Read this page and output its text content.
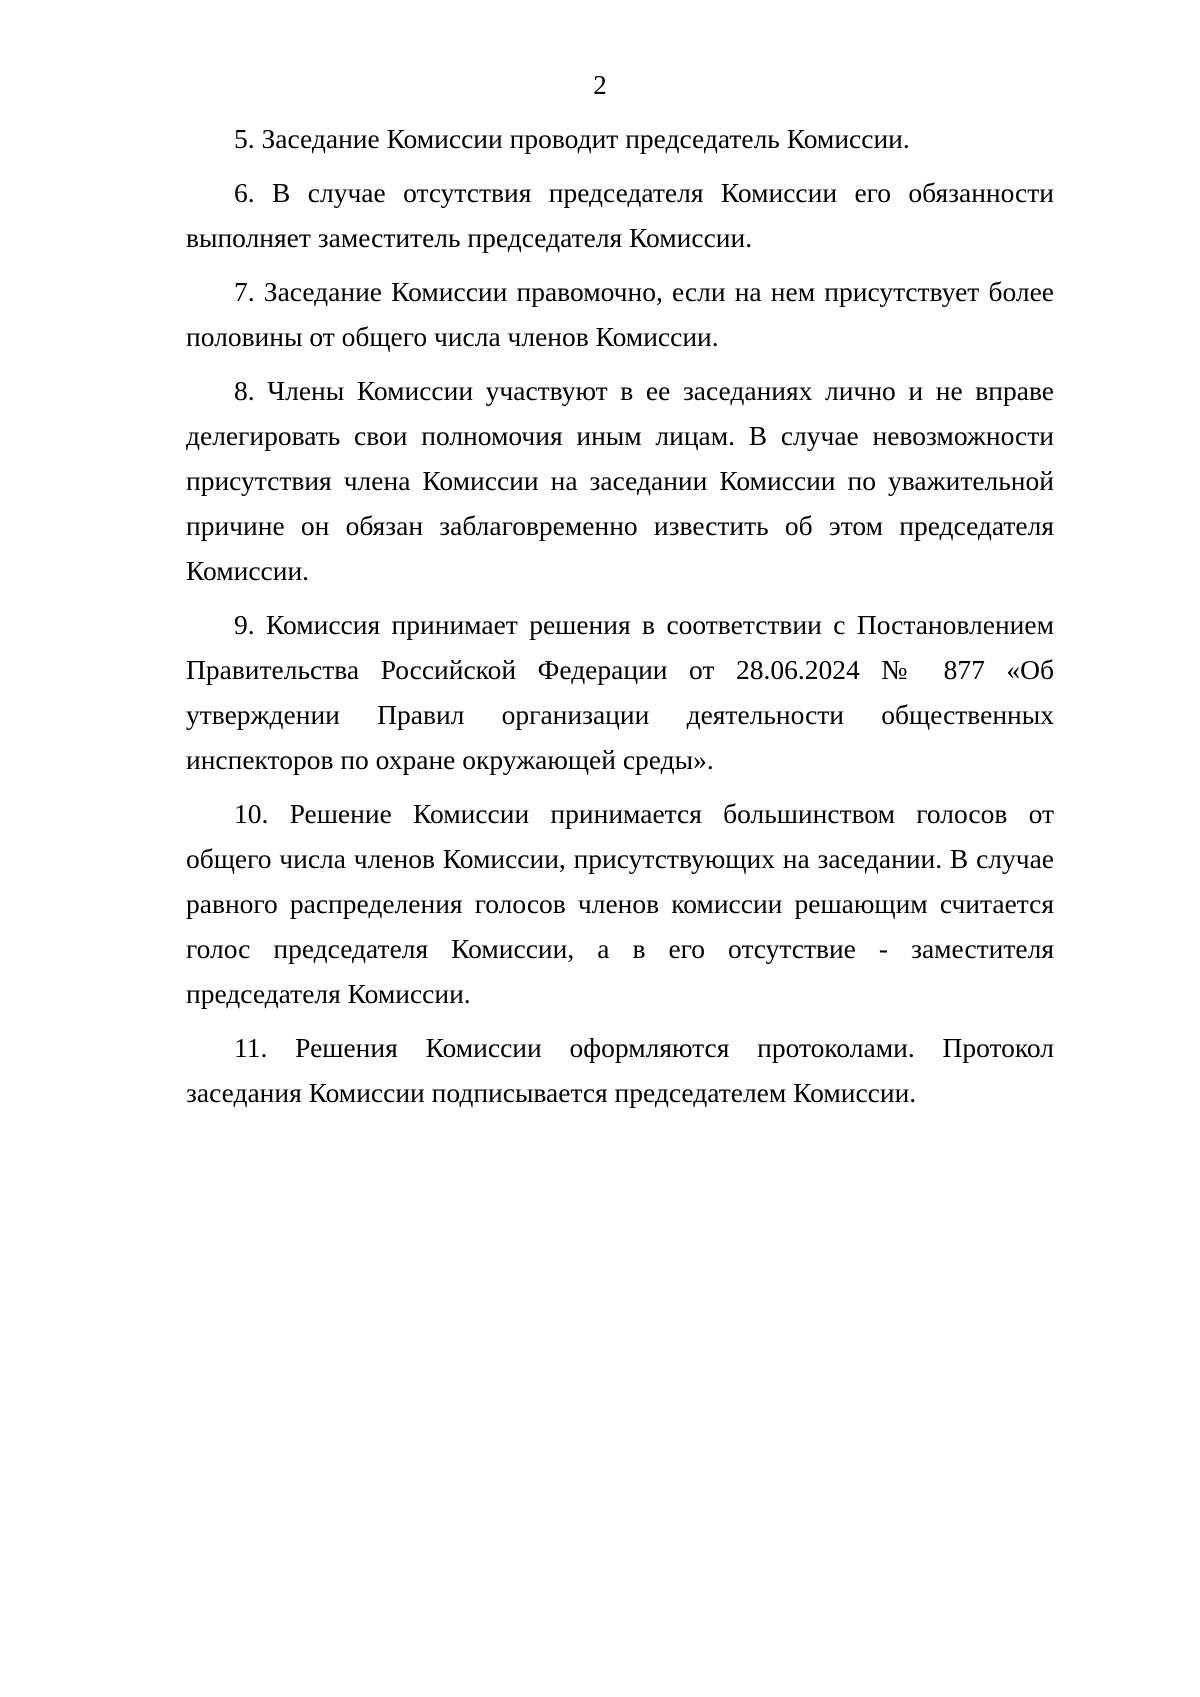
2

5. Заседание Комиссии проводит председатель Комиссии.

6. В случае отсутствия председателя Комиссии его обязанности выполняет заместитель председателя Комиссии.

7. Заседание Комиссии правомочно, если на нем присутствует более половины от общего числа членов Комиссии.

8. Члены Комиссии участвуют в ее заседаниях лично и не вправе делегировать свои полномочия иным лицам. В случае невозможности присутствия члена Комиссии на заседании Комиссии по уважительной причине он обязан заблаговременно известить об этом председателя Комиссии.

9. Комиссия принимает решения в соответствии с Постановлением Правительства Российской Федерации от 28.06.2024 № 877 «Об утверждении Правил организации деятельности общественных инспекторов по охране окружающей среды».

10. Решение Комиссии принимается большинством голосов от общего числа членов Комиссии, присутствующих на заседании. В случае равного распределения голосов членов комиссии решающим считается голос председателя Комиссии, а в его отсутствие - заместителя председателя Комиссии.

11. Решения Комиссии оформляются протоколами. Протокол заседания Комиссии подписывается председателем Комиссии.
